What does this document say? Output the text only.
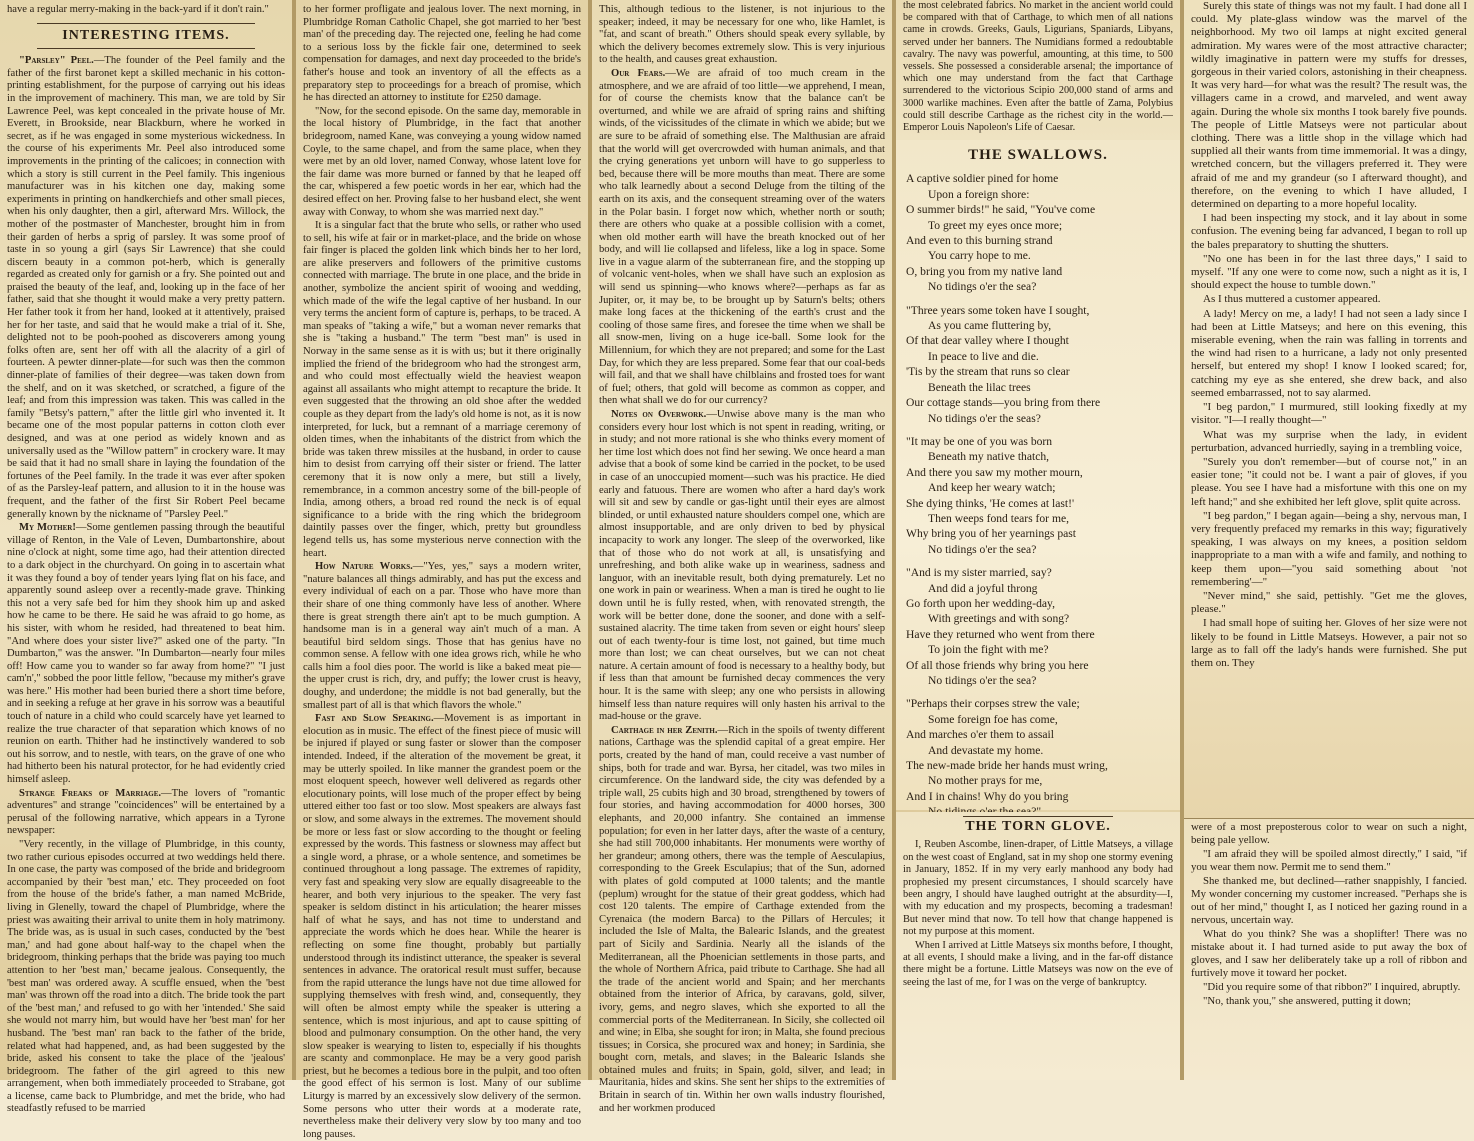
have a regular merry-making in the back-yard if it don't rain."

INTERESTING ITEMS.

"Parsley" Peel.—The founder of the Peel family and the father of the first baronet kept a skilled mechanic in his cotton-printing establishment, for the purpose of carrying out his ideas in the improvement of machinery. This man, we are told by Sir Lawrence Peel, was kept concealed in the private house of Mr. Everett, in Brookside, near Blackburn, where he worked in secret, as if he was engaged in some mysterious wickedness. In the course of his experiments Mr. Peel also introduced some improvements in the printing of the calicoes; in connection with which a story is still current in the Peel family. This ingenious manufacturer was in his kitchen one day, making some experiments in printing on handkerchiefs and other small pieces, when his only daughter, then a girl, afterward Mrs. Willock, the mother of the postmaster of Manchester, brought him in from their garden of herbs a sprig of parsley. It was some proof of taste in so young a girl (says Sir Lawrence) that she could discern beauty in a common pot-herb, which is generally regarded as created only for garnish or a fry. She pointed out and praised the beauty of the leaf, and, looking up in the face of her father, said that she thought it would make a very pretty pattern. Her father took it from her hand, looked at it attentively, praised her for her taste, and said that he would make a trial of it. She, delighted not to be pooh-poohed as discoverers among young folks often are, sent her off with all the alacrity of a girl of fourteen. A pewter dinner-plate—for such was then the common dinner-plate of families of their degree—was taken down from the shelf, and on it was sketched, or scratched, a figure of the leaf; and from this impression was taken. This was called in the family "Betsy's pattern," after the little girl who invented it. It became one of the most popular patterns in cotton cloth ever designed, and was at one period as widely known and as universally used as the "Willow pattern" in crockery ware. It may be said that it had no small share in laying the foundation of the fortunes of the Peel family. In the trade it was ever after spoken of as the Parsley-leaf pattern, and allusion to it in the house was frequent, and the father of the first Sir Robert Peel became generally known by the nickname of "Parsley Peel."

My Mother!—Some gentlemen passing through the beautiful village of Renton, in the Vale of Leven, Dumbartonshire, about nine o'clock at night, some time ago, had their attention directed to a dark object in the churchyard. On going in to ascertain what it was they found a boy of tender years lying flat on his face, and apparently sound asleep over a recently-made grave. Thinking this not a very safe bed for him they shook him up and asked how he came to be there. He said he was afraid to go home, as his sister, with whom he resided, had threatened to beat him. "And where does your sister live?" asked one of the party. "In Dumbarton," was the answer. "In Dumbarton—nearly four miles off! How came you to wander so far away from home?" "I just cam'n'," sobbed the poor little fellow, "because my mither's grave was here." His mother had been buried there a short time before, and in seeking a refuge at her grave in his sorrow was a beautiful touch of nature in a child who could scarcely have yet learned to realize the true character of that separation which knows of no reunion on earth. Thither had he instinctively wandered to sob out his sorrow, and to nestle, with tears, on the grave of one who had hitherto been his natural protector, for he had evidently cried himself asleep.

Strange Freaks of Marriage.—The lovers of "romantic adventures" and strange "coincidences" will be entertained by a perusal of the following narrative, which appears in a Tyrone newspaper:

"Very recently, in the village of Plumbridge, in this county, two rather curious episodes occurred at two weddings held there. In one case, the party was composed of the bride and bridegroom accompanied by their 'best man,' etc. They proceeded on foot from the house of the bride's father, a man named McBride, living in Glenelly, toward the chapel of Plumbridge, where the priest was awaiting their arrival to unite them in holy matrimony. The bride was, as is usual in such cases, conducted by the 'best man,' and had gone about half-way to the chapel when the bridegroom, thinking perhaps that the bride was paying too much attention to her 'best man,' became jealous. Consequently, the 'best man' was ordered away. A scuffle ensued, when the 'best man' was thrown off the road into a ditch. The bride took the part of the 'best man,' and refused to go with her 'intended.' She said she would not marry him, but would have her 'best man' for her husband. The 'best man' ran back to the father of the bride, related what had happened, and, as had been suggested by the bride, asked his consent to take the place of the 'jealous' bridegroom. The father of the girl agreed to this new arrangement, when both immediately proceeded to Strabane, got a license, came back to Plumbridge, and met the bride, who had steadfastly refused to be married

to her former profligate and jealous lover. The next morning, in Plumbridge Roman Catholic Chapel, she got married to her 'best man' of the preceding day. The rejected one, feeling he had come to a serious loss by the fickle fair one, determined to seek compensation for damages, and next day proceeded to the bride's father's house and took an inventory of all the effects as a preparatory step to proceedings for a breach of promise, which he has directed an attorney to institute for £250 damage.

"Now, for the second episode. On the same day, memorable in the local history of Plumbridge, in the fact that another bridegroom, named Kane, was conveying a young widow named Coyle, to the same chapel, and from the same place, when they were met by an old lover, named Conway, whose latent love for the fair dame was more burned or fanned by that he leaped off the car, whispered a few poetic words in her ear, which had the desired effect on her. Proving false to her husband elect, she went away with Conway, to whom she was married next day."

It is a singular fact that the brute who sells, or rather who used to sell, his wife at fair or in market-place, and the bride on whose fair finger is placed the golden link which binds her to her lord, are alike preservers and followers of the primitive customs connected with marriage. The brute in one place, and the bride in another, symbolize the ancient spirit of wooing and wedding, which made of the wife the legal captive of her husband. In our very terms the ancient form of capture is, perhaps, to be traced. A man speaks of "taking a wife," but a woman never remarks that she is "taking a husband." The term "best man" is used in Norway in the same sense as it is with us; but it there originally implied the friend of the bridegroom who had the strongest arm, and who could most effectually wield the heaviest weapon against all assailants who might attempt to recapture the bride. It even suggested that the throwing an old shoe after the wedded couple as they depart from the lady's old home is not, as it is now interpreted, for luck, but a remnant of a marriage ceremony of olden times, when the inhabitants of the district from which the bride was taken threw missiles at the husband, in order to cause him to desist from carrying off their sister or friend. The latter ceremony that it is now only a mere, but still a lively, remembrance, in a common ancestry some of the bill-people of India, among others, a broad red round the neck is of equal significance to a bride with the ring which the bridegroom daintily passes over the finger, which, pretty but groundless legend tells us, has some mysterious nerve connection with the heart.

How Nature Works.—"Yes, yes," says a modern writer, "nature balances all things admirably, and has put the excess and every individual of each on a par. Those who have more than their share of one thing commonly have less of another. Where there is great strength there ain't apt to be much gumption. A handsome man is in a general way ain't much of a man. A beautiful bird seldom sings. Those that has genius have no common sense. A fellow with one idea grows rich, while he who calls him a fool dies poor. The world is like a baked meat pie—the upper crust is rich, dry, and puffy; the lower crust is heavy, doughy, and underdone; the middle is not bad generally, but the smallest part of all is that which flavors the whole."

Fast and Slow Speaking.—Movement is as important in elocution as in music. The effect of the finest piece of music will be injured if played or sung faster or slower than the composer intended. Indeed, if the alteration of the movement be great, it may be utterly spoiled. In like manner the grandest poem or the most eloquent speech, however well delivered as regards other elocutionary points, will lose much of the proper effect by being uttered either too fast or too slow. Most speakers are always fast or slow, and some always in the extremes. The movement should be more or less fast or slow according to the thought or feeling expressed by the words. This fastness or slowness may affect but a single word, a phrase, or a whole sentence, and sometimes be continued throughout a long passage. The extremes of rapidity, very fast and speaking very slow are equally disagreeable to the hearer, and both very injurious to the speaker. The very fast speaker is seldom distinct in his articulation; the hearer misses half of what he says, and has not time to understand and appreciate the words which he does hear. While the hearer is reflecting on some fine thought, probably but partially understood through its indistinct utterance, the speaker is several sentences in advance. The oratorical result must suffer, because from the rapid utterance the lungs have not due time allowed for supplying themselves with fresh wind, and, consequently, they will often be almost empty while the speaker is uttering a sentence, which is most injurious, and apt to cause spitting of blood and pulmonary consumption. On the other hand, the very slow speaker is wearying to listen to, especially if his thoughts are scanty and commonplace. He may be a very good parish priest, but he becomes a tedious bore in the pulpit, and too often the good effect of his sermon is lost. Many of our sublime Liturgy is marred by an excessively slow delivery of the sermon. Some persons who utter their words at a moderate rate, nevertheless make their delivery very slow by too many and too long pauses.

This, although tedious to the listener, is not injurious to the speaker; indeed, it may be necessary for one who, like Hamlet, is "fat, and scant of breath." Others should speak every syllable, by which the delivery becomes extremely slow. This is very injurious to the health, and causes great exhaustion.

Our Fears.—We are afraid of too much cream in the atmosphere, and we are afraid of too little—we apprehend, I mean, for of course the chemists know that the balance can't be overturned, and while we are afraid of spring rains and shifting winds, of the vicissitudes of the climate in which we abide; but we are sure to be afraid of something else. The Malthusian are afraid that the world will get overcrowded with human animals, and that the crying generations yet unborn will have to go supperless to bed, because there will be more mouths than meat. There are some who talk learnedly about a second Deluge from the tilting of the earth on its axis, and the consequent streaming over of the waters in the Polar basin. I forget now which, whether north or south; there are others who quake at a possible collision with a comet, when old mother earth will have the breath knocked out of her body, and will lie collapsed and lifeless, like a log in space. Some live in a vague alarm of the subterranean fire, and the stopping up of volcanic vent-holes, when we shall have such an explosion as will send us spinning—who knows where?—perhaps as far as Jupiter, or, it may be, to be brought up by Saturn's belts; others make long faces at the thickening of the earth's crust and the cooling of those same fires, and foresee the time when we shall be all snow-men, living on a huge ice-ball. Some look for the Millennium, for which they are not prepared; and some for the Last Day, for which they are less prepared. Some fear that our coal-beds will fail, and that we shall have chilblains and frosted toes for want of fuel; others, that gold will become as common as copper, and then what shall we do for our currency?

Notes on Overwork.—Unwise above many is the man who considers every hour lost which is not spent in reading, writing, or in study; and not more rational is she who thinks every moment of her time lost which does not find her sewing. We once heard a man advise that a book of some kind be carried in the pocket, to be used in case of an unoccupied moment—such was his practice. He died early and fatuous. There are women who after a hard day's work will sit and sew by candle or gas-light until their eyes are almost blinded, or until exhausted nature shoulders compel one, which are almost insupportable, and are only driven to bed by physical incapacity to work any longer. The sleep of the overworked, like that of those who do not work at all, is unsatisfying and unrefreshing, and both alike wake up in weariness, sadness and languor, with an inevitable result, both dying prematurely. Let no one work in pain or weariness. When a man is tired he ought to lie down until he is fully rested, when, with renovated strength, the work will be better done, done the sooner, and done with a self-sustained alacrity. The time taken from seven or eight hours' sleep out of each twenty-four is time lost, not gained, but time much more than lost; we can cheat ourselves, but we can not cheat nature. A certain amount of food is necessary to a healthy body, but if less than that amount be furnished decay commences the very hour. It is the same with sleep; any one who persists in allowing himself less than nature requires will only hasten his arrival to the mad-house or the grave.

Carthage in her Zenith.—Rich in the spoils of twenty different nations, Carthage was the splendid capital of a great empire. Her ports, created by the hand of man, could receive a vast number of ships, both for trade and war. Byrsa, her citadel, was two miles in circumference. On the landward side, the city was defended by a triple wall, 25 cubits high and 30 broad, strengthened by towers of four stories, and having accommodation for 4000 horses, 300 elephants, and 20,000 infantry. She contained an immense population; for even in her latter days, after the waste of a century, she had still 700,000 inhabitants. Her monuments were worthy of her grandeur; among others, there was the temple of Aesculapius, corresponding to the Greek Esculapius; that of the Sun, adorned with plates of gold computed at 1000 talents; and the mantle (peplum) wrought for the statue of their great goddess, which had cost 120 talents. The empire of Carthage extended from the Cyrenaica (the modern Barca) to the Pillars of Hercules; it included the Isle of Malta, the Balearic Islands, and the greatest part of Sicily and Sardinia. Nearly all the islands of the Mediterranean, all the Phoenician settlements in those parts, and the whole of Northern Africa, paid tribute to Carthage. She had all the trade of the ancient world and Spain; and her merchants obtained from the interior of Africa, by caravans, gold, silver, ivory, gems, and negro slaves, which she exported to all the commercial ports of the Mediterranean. In Sicily, she collected oil and wine; in Elba, she sought for iron; in Malta, she found precious tissues; in Corsica, she procured wax and honey; in Sardinia, she bought corn, metals, and slaves; in the Balearic Islands she obtained mules and fruits; in Spain, gold, silver, and lead; in Mauritania, hides and skins. She sent her ships to the extremities of Britain in search of tin. Within her own walls industry flourished, and her workmen produced

the most celebrated fabrics. No market in the ancient world could be compared with that of Carthage, to which men of all nations came in crowds. Greeks, Gauls, Ligurians, Spaniards, Libyans, served under her banners. The Numidians formed a redoubtable cavalry. The navy was powerful, amounting, at this time, to 500 vessels. She possessed a considerable arsenal; the importance of which one may understand from the fact that Carthage surrendered to the victorious Scipio 200,000 stand of arms and 3000 warlike machines. Even after the battle of Zama, Polybius could still describe Carthage as the richest city in the world.—Emperor Louis Napoleon's Life of Caesar.

THE SWALLOWS.
A captive soldier pined for home
Upon a foreign shore:
O summer birds!" he said, "You've come
To greet my eyes once more;
And even to this burning strand
You carry hope to me.
O, bring you from my native land
No tidings o'er the sea?
"Three years some token have I sought,
As you came fluttering by,
Of that dear valley where I thought
In peace to live and die.
'Tis by the stream that runs so clear
Beneath the lilac trees
Our cottage stands—you bring from there
No tidings o'er the seas?
"It may be one of you was born
Beneath my native thatch,
And there you saw my mother mourn,
And keep her weary watch;
She dying thinks, 'He comes at last!'
Then weeps fond tears for me,
Why bring you of her yearnings past
No tidings o'er the sea?
"And is my sister married, say?
And did a joyful throng
Go forth upon her wedding-day,
With greetings and with song?
Have they returned who went from there
To join the fight with me?
Of all those friends why bring you here
No tidings o'er the sea?
"Perhaps their corpses strew the vale;
Some foreign foe has come,
And marches o'er them to assail
And devastate my home.
The new-made bride her hands must wring,
No mother prays for me,
And I in chains! Why do you bring
THE TORN GLOVE.

I, Reuben Ascombe, linen-draper, of Little Matseys, a village on the west coast of England, sat in my shop one stormy evening in January, 1852. If in my very early manhood any body had prophesied my present circumstances, I should scarcely have been angry, I should have laughed outright at the absurdity—I, with my education and my prospects, becoming a tradesman! But never mind that now. To tell how that change happened is not my purpose at this moment.

When I arrived at Little Matseys six months before, I thought, at all events, I should make a living, and in the far-off distance there might be a fortune. Little Matseys was now on the eve of seeing the last of me, for I was on the verge of bankruptcy.

Surely this state of things was not my fault. I had done all I could. My plate-glass window was the marvel of the neighborhood. My two oil lamps at night excited general admiration. My wares were of the most attractive character; wildly imaginative in pattern were my stuffs for dresses, gorgeous in their varied colors, astonishing in their cheapness. It was very hard—for what was the result? The result was, the villagers came in a crowd, and marveled, and went away again. During the whole six months I took barely five pounds. The people of Little Matseys were not particular about clothing. There was a little shop in the village which had supplied all their wants from time immemorial. It was a dingy, wretched concern, but the villagers preferred it. They were afraid of me and my grandeur (so I afterward thought), and therefore, on the evening to which I have alluded, I determined on departing to a more hopeful locality.

I had been inspecting my stock, and it lay about in some confusion. The evening being far advanced, I began to roll up the bales preparatory to shutting the shutters.

"No one has been in for the last three days," I said to myself. "If any one were to come now, such a night as it is, I should expect the house to tumble down."

As I thus muttered a customer appeared.

A lady! Mercy on me, a lady! I had not seen a lady since I had been at Little Matseys; and here on this evening, this miserable evening, when the rain was falling in torrents and the wind had risen to a hurricane, a lady not only presented herself, but entered my shop! I know I looked scared; for, catching my eye as she entered, she drew back, and also seemed embarrassed, not to say alarmed.

"I beg pardon," I murmured, still looking fixedly at my visitor. "I—I really thought—"

What was my surprise when the lady, in evident perturbation, advanced hurriedly, saying in a trembling voice,

"Surely you don't remember—but of course not," in an easier tone; "it could not be. I want a pair of gloves, if you please. You see I have had a misfortune with this one on my left hand;" and she exhibited her left glove, split quite across.

"I beg pardon," I began again—being a shy, nervous man, I very frequently prefaced my remarks in this way; figuratively speaking, I was always on my knees, a position seldom inappropriate to a man with a wife and family, and nothing to keep them upon—"you said something about 'not remembering'—"

"Never mind," she said, pettishly. "Get me the gloves, please."

I had small hope of suiting her. Gloves of her size were not likely to be found in Little Matseys. However, a pair not so large as to fall off the lady's hands were furnished. She put them on. They

were of a most preposterous color to wear on such a night, being pale yellow.

"I am afraid they will be spoiled almost directly," I said, "if you wear them now. Permit me to send them."

She thanked me, but declined—rather snappishly, I fancied. My wonder concerning my customer increased. "Perhaps she is out of her mind," thought I, as I noticed her gazing round in a nervous, uncertain way.

What do you think? She was a shoplifter! There was no mistake about it. I had turned aside to put away the box of gloves, and I saw her deliberately take up a roll of ribbon and furtively move it toward her pocket.

"Did you require some of that ribbon?" I inquired, abruptly.

"No, thank you," she answered, putting it down;
